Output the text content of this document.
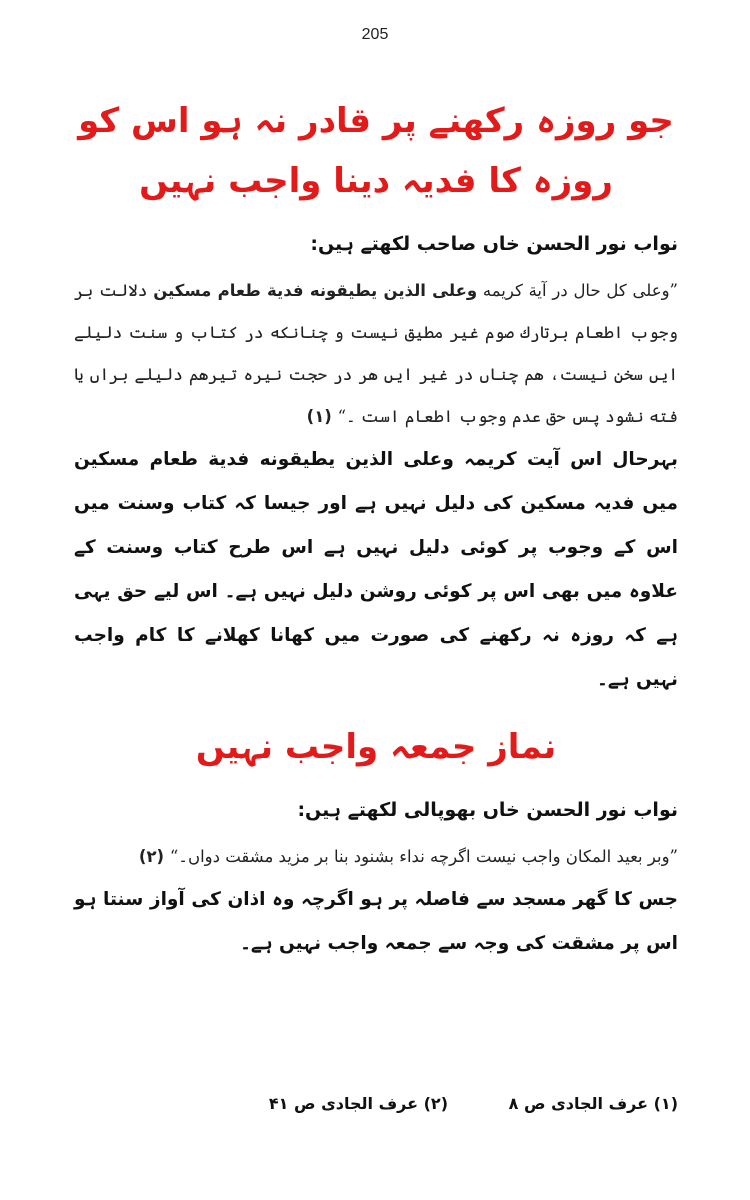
205
جو روزہ رکھنے پر قادر نہ ہو اس کو
روزہ کا فدیہ دینا واجب نہیں

نواب نور الحسن خاں صاحب لکھتے ہیں:

”وعلی کل حال در آیة کریمه وعلى الذين يطيقونه فدية طعام مسكين دلالت بر وجوب اطعام برتارك صوم غير مطيق نيست و چنانكه در كتاب و سنت دليلے ايں سخن نيست، هم چناں در غير ايں هر در حجت نيره تيرهم دليلے براں يا فته نشود پس حق عدم وجوب اطعام است ۔“ (۱)

بہرحال اس آیت کریمہ وعلى الذين يطيقونه فدية طعام مسكين میں فدیہ مسکین کی دلیل نہیں ہے اور جیسا کہ کتاب وسنت میں اس کے وجوب پر کوئی دلیل نہیں ہے اس طرح کتاب وسنت کے علاوہ میں بھی اس پر کوئی روشن دلیل نہیں ہے۔ اس لیے حق یہی ہے کہ روزہ نہ رکھنے کی صورت میں کھانا کھلانے کا کام واجب نہیں ہے۔

نماز جمعہ واجب نہیں

نواب نور الحسن خاں بھوپالی لکھتے ہیں:

”وبر بعيد المكان واجب نيست اگرچه نداء بشنود بنا بر مزيد مشقت دواں۔“ (۲)

جس کا گھر مسجد سے فاصلہ پر ہو اگرچہ وہ اذان کی آواز سنتا ہو اس پر مشقت کی وجہ سے جمعہ واجب نہیں ہے۔

(۱) عرف الجادی ص ۸
(۲) عرف الجادی ص ۴۱
